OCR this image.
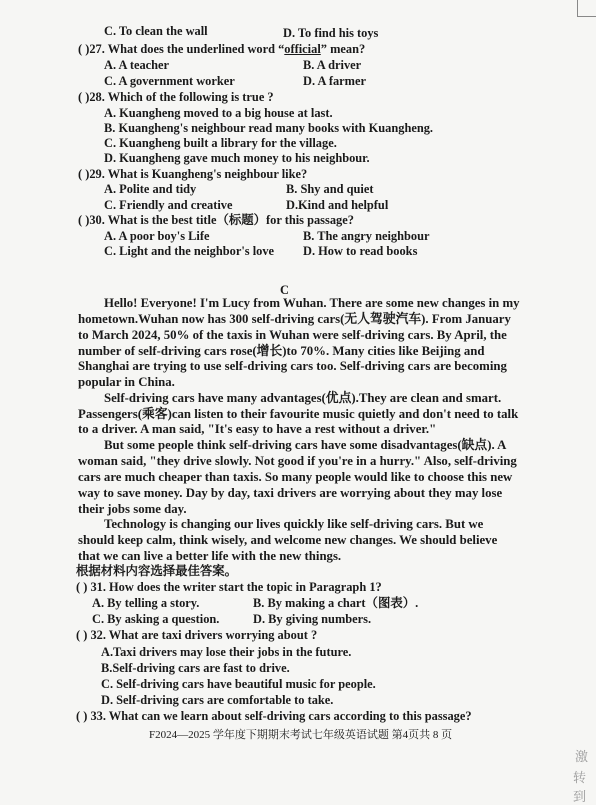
C. To clean the wall	D. To find his toys
( )27. What does the underlined word “official” mean?
A. A teacher	B. A driver
C. A government worker	D. A farmer
( )28. Which of the following is true ?
A. Kuangheng moved to a big house at last.
B. Kuangheng's neighbour read many books with Kuangheng.
C. Kuangheng built a library for the village.
D. Kuangheng gave much money to his neighbour.
( )29. What is Kuangheng's neighbour like?
A. Polite and tidy	B. Shy and quiet
C. Friendly and creative	D.Kind and helpful
( )30. What is the best title（标题）for this passage?
A. A poor boy's Life	B. The angry neighbour
C. Light and the neighbor's love D. How to read books
C
Hello! Everyone! I'm Lucy from Wuhan. There are some new changes in my
hometown.Wuhan now has 300 self-driving cars(无人驾驶汽车). From January
to March 2024, 50% of the taxis in Wuhan were self-driving cars. By April, the
number of self-driving cars rose(增长)to 70%. Many cities like Beijing and
Shanghai are trying to use self-driving cars too. Self-driving cars are becoming
popular in China.
Self-driving cars have many advantages(优点).They are clean and smart.
Passengers(乘客)can listen to their favourite music quietly and don't need to talk
to a driver. A man said, "It's easy to have a rest without a driver."
But some people think self-driving cars have some disadvantages(缺点). A
woman said, "they drive slowly. Not good if you're in a hurry." Also, self-driving
cars are much cheaper than taxis. So many people would like to choose this new
way to save money. Day by day, taxi drivers are worrying about they may lose
their jobs some day.
Technology is changing our lives quickly like self-driving cars. But we
should keep calm, think wisely, and welcome new changes. We should believe
that we can live a better life with the new things.
根据材料内容选择最佳答案。
( ) 31. How does the writer start the topic in Paragraph 1?
A. By telling a story.	B. By making a chart（图表）.
C. By asking a question.	D. By giving numbers.
( ) 32. What are taxi drivers worrying about ?
A.Taxi drivers may lose their jobs in the future.
B.Self-driving cars are fast to drive.
C. Self-driving cars have beautiful music for people.
D. Self-driving cars are comfortable to take.
( ) 33. What can we learn about self-driving cars according to this passage?
F2024—2025 学年度下期期末考试七年级英语试题 第4页共 8 页
激
转到
